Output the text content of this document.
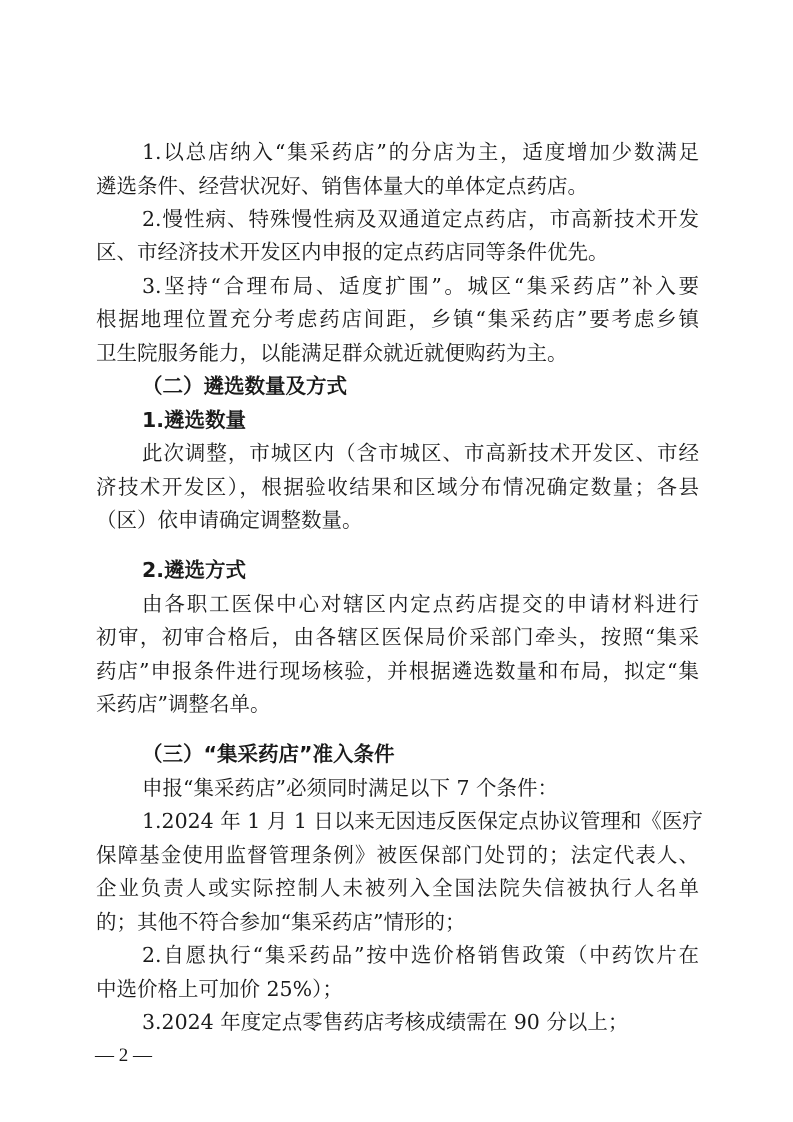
1.以总店纳入“集采药店”的分店为主，适度增加少数满足
遴选条件、经营状况好、销售体量大的单体定点药店。
2.慢性病、特殊慢性病及双通道定点药店，市高新技术开发
区、市经济技术开发区内申报的定点药店同等条件优先。
3.坚持“合理布局、适度扩围”。城区“集采药店”补入要
根据地理位置充分考虑药店间距，乡镇“集采药店”要考虑乡镇
卫生院服务能力，以能满足群众就近就便购药为主。
（二）遴选数量及方式
1.遴选数量
此次调整，市城区内（含市城区、市高新技术开发区、市经
济技术开发区），根据验收结果和区域分布情况确定数量；各县
（区）依申请确定调整数量。
2.遴选方式
由各职工医保中心对辖区内定点药店提交的申请材料进行
初审，初审合格后，由各辖区医保局价采部门牵头，按照“集采
药店”申报条件进行现场核验，并根据遴选数量和布局，拟定“集
采药店”调整名单。
（三）“集采药店”准入条件
申报“集采药店”必须同时满足以下 7 个条件：
1.2024 年 1 月 1 日以来无因违反医保定点协议管理和《医疗
保障基金使用监督管理条例》被医保部门处罚的；法定代表人、
企业负责人或实际控制人未被列入全国法院失信被执行人名单
的；其他不符合参加“集采药店”情形的；
2.自愿执行“集采药品”按中选价格销售政策（中药饮片在
中选价格上可加价 25%）；
3.2024 年度定点零售药店考核成绩需在 90 分以上；
— 2 —
